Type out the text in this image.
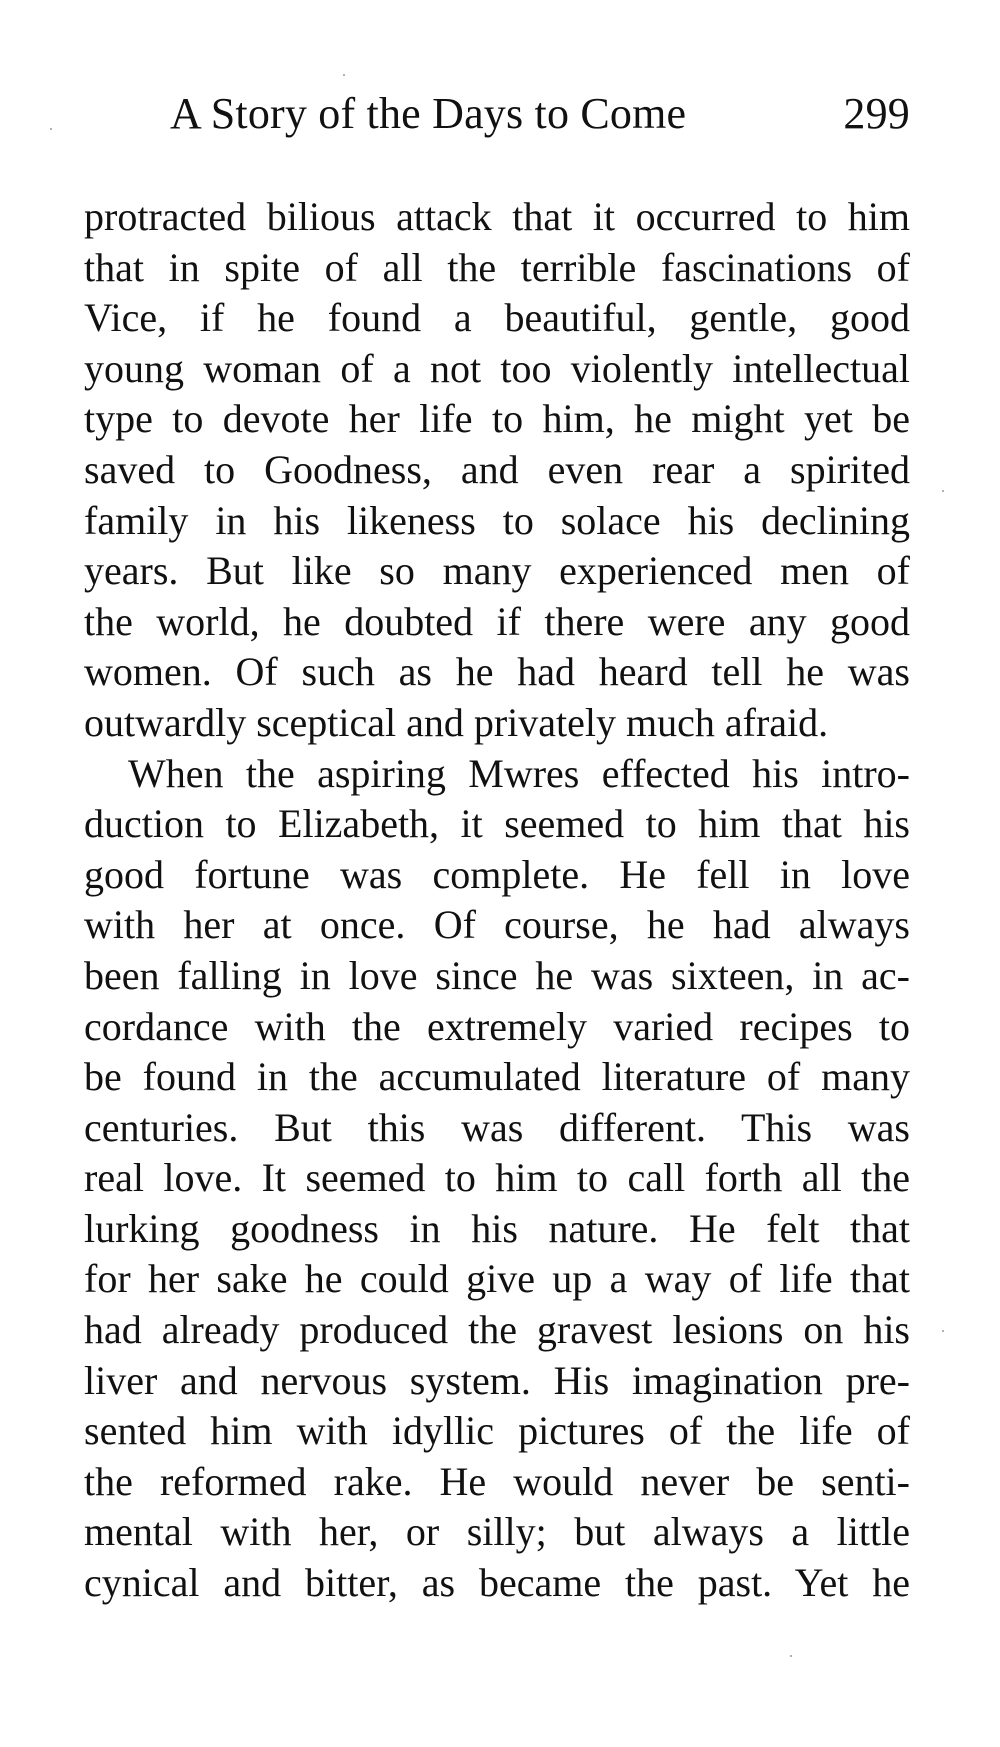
A Story of the Days to Come	299
protracted bilious attack that it occurred to him
that in spite of all the terrible fascinations of
Vice, if he found a beautiful, gentle, good
young woman of a not too violently intellectual
type to devote her life to him, he might yet be
saved to Goodness, and even rear a spirited
family in his likeness to solace his declining
years. But like so many experienced men of
the world, he doubted if there were any good
women. Of such as he had heard tell he was
outwardly sceptical and privately much afraid.
When the aspiring Mwres effected his intro-
duction to Elizabeth, it seemed to him that his
good fortune was complete. He fell in love
with her at once. Of course, he had always
been falling in love since he was sixteen, in ac-
cordance with the extremely varied recipes to
be found in the accumulated literature of many
centuries. But this was different. This was
real love. It seemed to him to call forth all the
lurking goodness in his nature. He felt that
for her sake he could give up a way of life that
had already produced the gravest lesions on his
liver and nervous system. His imagination pre-
sented him with idyllic pictures of the life of
the reformed rake. He would never be senti-
mental with her, or silly; but always a little
cynical and bitter, as became the past. Yet he
